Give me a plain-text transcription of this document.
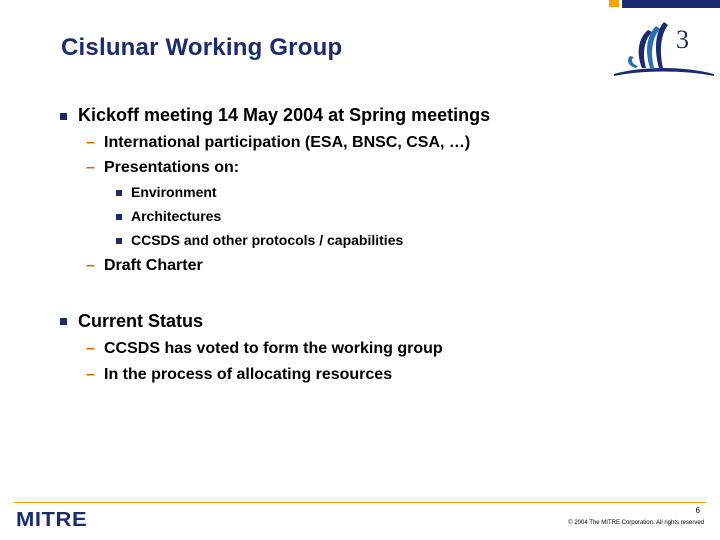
3
Cislunar Working Group
Kickoff meeting 14 May 2004 at Spring meetings
– International participation (ESA, BNSC, CSA, …)
– Presentations on:
Environment
Architectures
CCSDS and other protocols / capabilities
– Draft Charter
Current Status
– CCSDS has voted to form the working group
– In the process of allocating resources
MITRE	6
© 2004 The MITRE Corporation. All rights reserved
